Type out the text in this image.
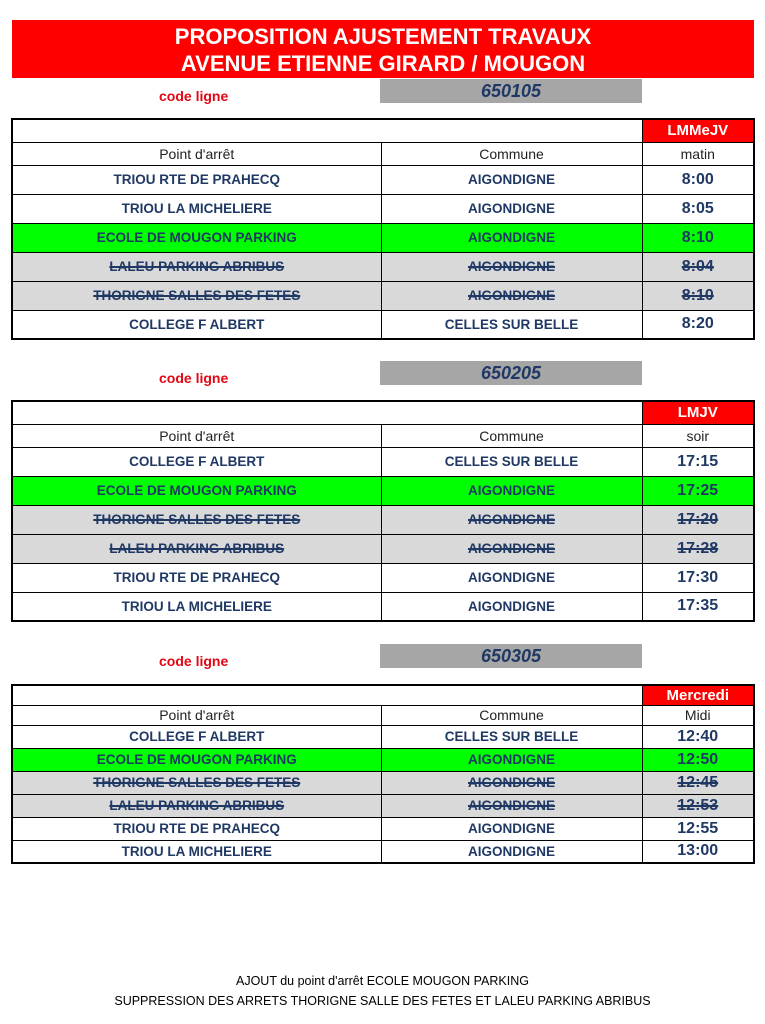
PROPOSITION AJUSTEMENT TRAVAUX
AVENUE ETIENNE GIRARD / MOUGON
code ligne	650105
		LMMeJV
Point d'arrêt	Commune	matin
TRIOU RTE DE PRAHECQ	AIGONDIGNE	8:00
TRIOU LA MICHELIERE	AIGONDIGNE	8:05
ECOLE DE MOUGON PARKING	AIGONDIGNE	8:10
LALEU PARKING ABRIBUS	AIGONDIGNE	8:04
THORIGNE SALLES DES FETES	AIGONDIGNE	8:10
COLLEGE F ALBERT	CELLES SUR BELLE	8:20
code ligne	650205
		LMJV
Point d'arrêt	Commune	soir
COLLEGE F ALBERT	CELLES SUR BELLE	17:15
ECOLE DE MOUGON PARKING	AIGONDIGNE	17:25
THORIGNE SALLES DES FETES	AIGONDIGNE	17:20
LALEU PARKING ABRIBUS	AIGONDIGNE	17:28
TRIOU RTE DE PRAHECQ	AIGONDIGNE	17:30
TRIOU LA MICHELIERE	AIGONDIGNE	17:35
code ligne	650305
		Mercredi
Point d'arrêt	Commune	Midi
COLLEGE F ALBERT	CELLES SUR BELLE	12:40
ECOLE DE MOUGON PARKING	AIGONDIGNE	12:50
THORIGNE SALLES DES FETES	AIGONDIGNE	12:45
LALEU PARKING ABRIBUS	AIGONDIGNE	12:53
TRIOU RTE DE PRAHECQ	AIGONDIGNE	12:55
TRIOU LA MICHELIERE	AIGONDIGNE	13:00
AJOUT du point d'arrêt ECOLE MOUGON PARKING
SUPPRESSION DES ARRETS THORIGNE SALLE DES FETES ET LALEU PARKING ABRIBUS
